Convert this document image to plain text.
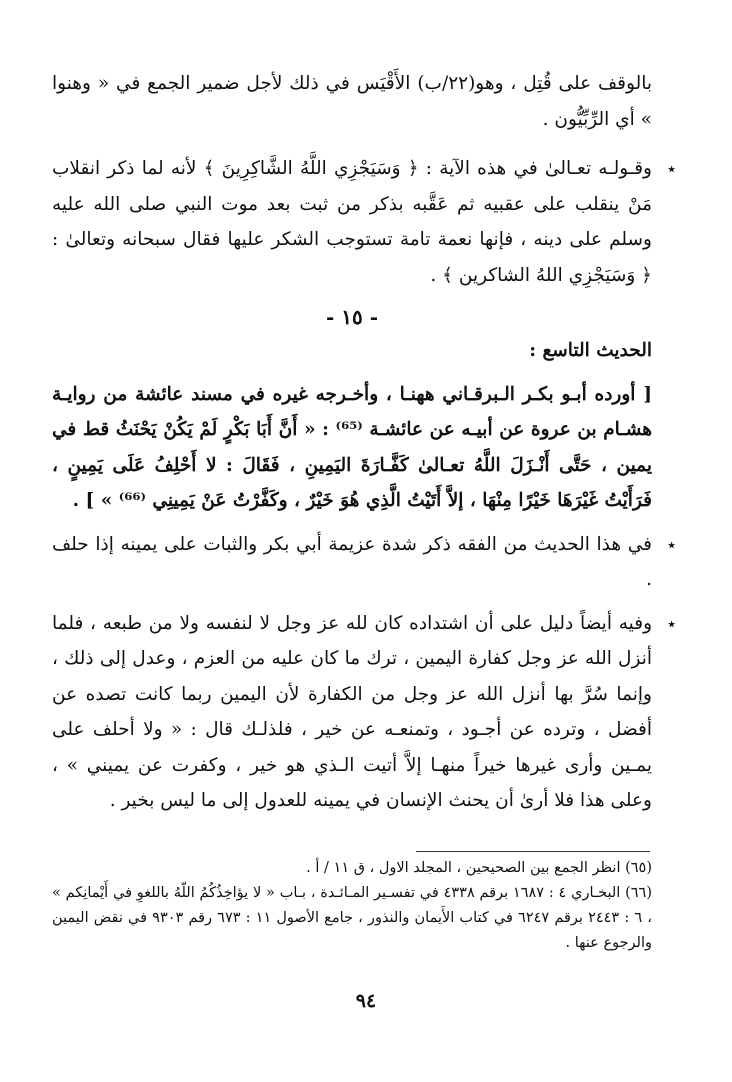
بالوقف على قُتِل ، وهو(٢٢/ب) الأَقْيَس في ذلك لأجل ضمير الجمع في « وهنوا » أي الرِّبِّيُّون .

٭
وقـولـه تعـالىٰ في هذه الآية : ﴿ وَسَيَجْزِي اللَّهُ الشَّاكِرِينَ ﴾ لأنه لما ذكر انقلاب مَنْ ينقلب على عقبيه ثم عَقَّبه بذكر من ثبت بعد موت النبي صلى الله عليه وسلم على دينه ، فإنها نعمة تامة تستوجب الشكر عليها فقال سبحانه وتعالىٰ : ﴿ وَسَيَجْزِي اللهُ الشاكرين ﴾ .

- ١٥ -

الحديث التاسع :

[ أورده أبـو بكـر الـبرقـاني ههنـا ، وأخـرجه غيره في مسند عائشة من روايـة هشـام بن عروة عن أبيـه عن عائشـة ⁽⁶⁵⁾ : « أَنَّ أَبَا بَكْرٍ لَمْ يَكُنْ يَحْنَثُ قط في يمين ، حَتَّى أَنْـزَلَ اللَّهُ تعـالىٰ كَفَّـارَةَ اليَمِينِ ، فَقَالَ : لا أَحْلِفُ عَلَى يَمِينٍ ، فَرَأَيْتُ غَيْرَهَا خَيْرًا مِنْهَا ، إلاَّ أَتَيْتُ الَّذِي هُوَ خَيْرٌ ، وكَفَّرْتُ عَنْ يَمِينِي ⁽⁶⁶⁾ » ] .

٭
في هذا الحديث من الفقه ذكر شدة عزيمة أبي بكر والثبات على يمينه إذا حلف .

٭
وفيه أيضاً دليل على أن اشتداده كان لله عز وجل لا لنفسه ولا من طبعه ، فلما أنزل الله عز وجل كفارة اليمين ، ترك ما كان عليه من العزم ، وعدل إلى ذلك ، وإنما سُرَّ بها أنزل الله عز وجل من الكفارة لأن اليمين ربما كانت تصده عن أفضل ، وترده عن أجـود ، وتمنعـه عن خير ، فلذلـك قال : « ولا أحلف على يمـين وأرى غيرها خيراً منهـا إلاَّ أتيت الـذي هو خير ، وكفرت عن يميني » ، وعلى هذا فلا أرىٰ أن يحنث الإنسان في يمينه للعدول إلى ما ليس بخير .

(٦٥) انظر الجمع بين الصحيحين ، المجلد الاول ، ق ١١ / أ .

(٦٦) البخـاري ٤ : ١٦٨٧ برقم ٤٣٣٨ في تفسـير المـائـدة ، بـاب « لا يؤاخِذُكُمُ اللّهُ باللغوِ في أَيْمانِكم » ، ٦ : ٢٤٤٣ برقم ٦٢٤٧ في كتاب الأَيمان والنذور ، جامع الأصول ١١ : ٦٧٣ رقم ٩٣٠٣ في نقض اليمين والرجوع عنها .

٩٤
